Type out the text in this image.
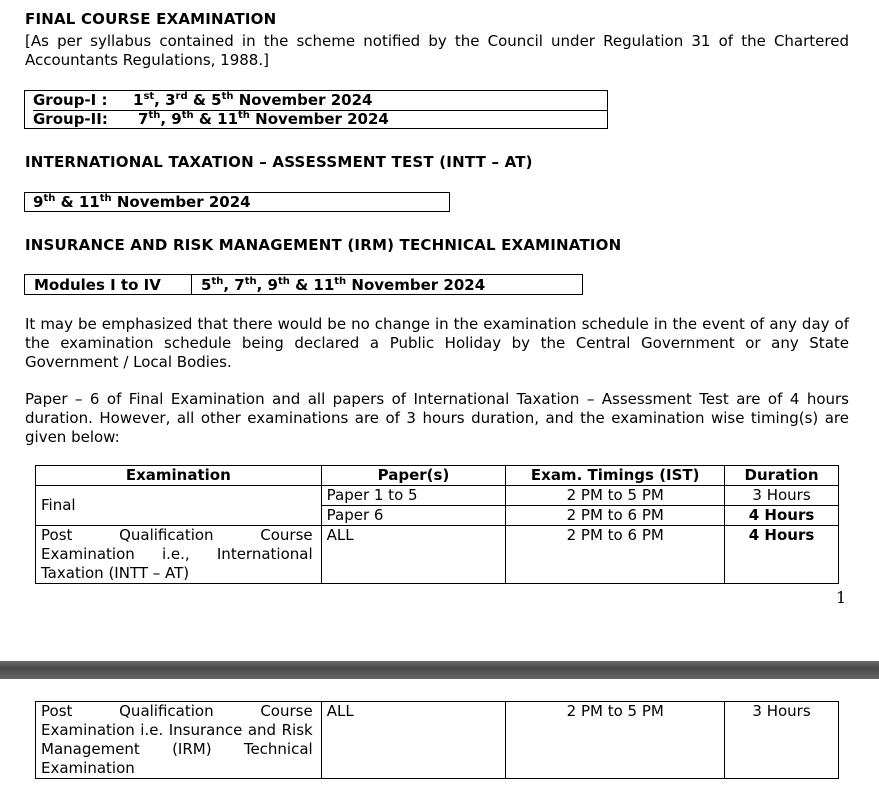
FINAL COURSE EXAMINATION
[As per syllabus contained in the scheme notified by the Council under Regulation 31 of the Chartered Accountants Regulations, 1988.]
Group-I : 1st, 3rd & 5th November 2024
Group-II: 7th, 9th & 11th November 2024
INTERNATIONAL TAXATION – ASSESSMENT TEST (INTT – AT)
9th & 11th November 2024
INSURANCE AND RISK MANAGEMENT (IRM) TECHNICAL EXAMINATION
Modules I to IV	5th, 7th, 9th & 11th November 2024
It may be emphasized that there would be no change in the examination schedule in the event of any day of the examination schedule being declared a Public Holiday by the Central Government or any State Government / Local Bodies.
Paper – 6 of Final Examination and all papers of International Taxation – Assessment Test are of 4 hours duration. However, all other examinations are of 3 hours duration, and the examination wise timing(s) are given below:
Examination	Paper(s)	Exam. Timings (IST)	Duration
Final	Paper 1 to 5	2 PM to 5 PM	3 Hours
	Paper 6	2 PM to 6 PM	4 Hours
Post Qualification Course Examination i.e., International Taxation (INTT – AT)	ALL	2 PM to 6 PM	4 Hours
1
Post Qualification Course Examination i.e. Insurance and Risk Management (IRM) Technical Examination	ALL	2 PM to 5 PM	3 Hours
